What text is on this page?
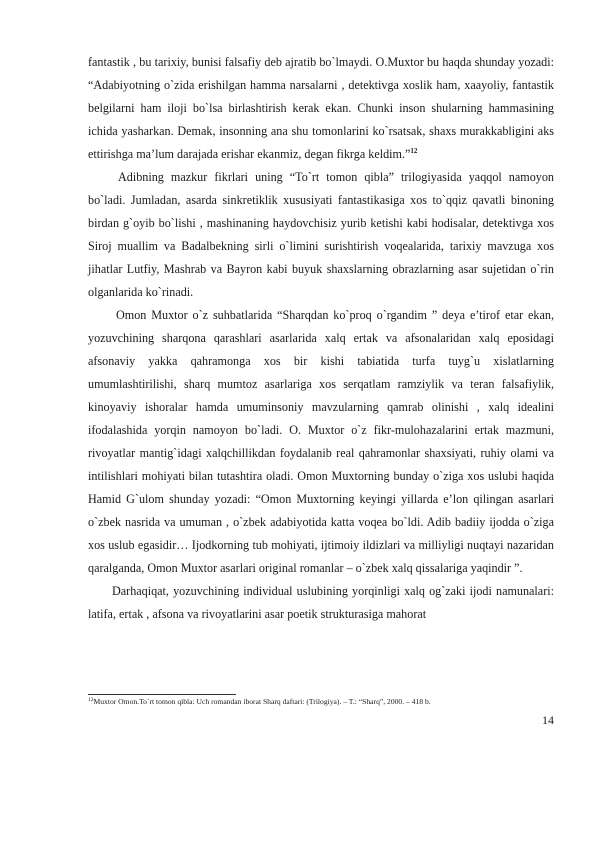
fantastik , bu tarixiy, bunisi falsafiy deb ajratib bo`lmaydi. O.Muxtor bu haqda shunday yozadi: “Adabiyotning o`zida erishilgan hamma narsalarni , detektivga xoslik ham, xaayoliy, fantastik belgilarni ham iloji bo`lsa birlashtirish kerak ekan. Chunki inson shularning hammasining ichida yasharkan. Demak, insonning ana shu tomonlarini ko`rsatsak, shaxs murakkabligini aks ettirishga ma’lum darajada erishar ekanmiz, degan fikrga keldim.”$^{12}$

Adibning mazkur fikrlari uning “To`rt tomon qibla” trilogiyasida yaqqol namoyon bo`ladi. Jumladan, asarda sinkretiklik xususiyati fantastikasiga xos to`qqiz qavatli binoning birdan g`oyib bo`lishi , mashinaning haydovchisiz yurib ketishi kabi hodisalar, detektivga xos Siroj muallim va Badalbekning sirli o`limini surishtirish voqealarida, tarixiy mavzuga xos jihatlar Lutfiy, Mashrab va Bayron kabi buyuk shaxslarning obrazlarning asar sujetidan o`rin olganlarida ko`rinadi.

Omon Muxtor o`z suhbatlarida “Sharqdan ko`proq o`rgandim ” deya e’tirof etar ekan, yozuvchining sharqona qarashlari asarlarida xalq ertak va afsonalaridan xalq eposidagi afsonaviy yakka qahramonga xos bir kishi tabiatida turfa tuyg`u xislatlarning umumlashtirilishi, sharq mumtoz asarlariga xos serqatlam ramziylik va teran falsafiylik, kinoyaviy ishoralar hamda umuminsoniy mavzularning qamrab olinishi , xalq idealini ifodalashida yorqin namoyon bo`ladi. O. Muxtor o`z fikr-mulohazalarini ertak mazmuni, rivoyatlar mantig`idagi xalqchillikdan foydalanib real qahramonlar shaxsiyati, ruhiy olami va intilishlari mohiyati bilan tutashtira oladi. Omon Muxtorning bunday o`ziga xos uslubi haqida Hamid G`ulom shunday yozadi: “Omon Muxtorning keyingi yillarda e’lon qilingan asarlari o`zbek nasrida va umuman , o`zbek adabiyotida katta voqea bo`ldi. Adib badiiy ijodda o`ziga xos uslub egasidir… Ijodkorning tub mohiyati, ijtimoiy ildizlari va milliyligi nuqtayi nazaridan qaralganda, Omon Muxtor asarlari original romanlar – o`zbek xalq qissalariga yaqindir ”.

Darhaqiqat, yozuvchining individual uslubining yorqinligi xalq og`zaki ijodi namunalari: latifa, ertak , afsona va rivoyatlarini asar poetik strukturasiga mahorat

$^{12}$Muxtor Omon.To`rt tomon qibla: Uch romandan iborat Sharq daftari: (Trilogiya). – T.: “Sharq”, 2000. – 418 b.
14
